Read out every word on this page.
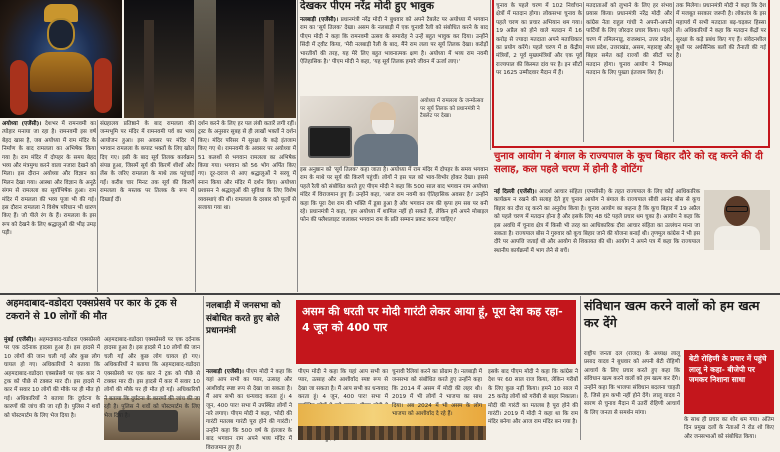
देखकर पीएम नरेंद्र मोदी हुए भावुक
नलबाड़ी (एजेंसी)। प्रधानमंत्री नरेंद्र मोदी ने बुधवार को अपने टैबलेट पर अयोध्या में भगवान राम का 'सूर्य तिलक' देखा। असम के नलबाड़ी में एक चुनावी रैली को संबोधित करने के बाद पीएम मोदी ने कहा कि रामनवमी उत्सव के समारोह ने उन्हें बहुत भावुक कर दिया। उन्होंने सिंदी में ट्वीट किया, 'मेरी नलबाड़ी रैली के बाद, मैंने राम लला पर सूर्य तिलक देखा। करोड़ों भारतीयों की तरह, यह मेरे लिए बहुत भावनात्मक क्षण है। अयोध्या में भव्य राम नवमी ऐतिहासिक है।' पीएम मोदी ने कहा, 'यह सूर्य तिलक हमारे जीवन में ऊर्जा लाए।'
अयोध्या में रामलला के जन्मोत्सव पर सूर्य तिलक को प्रधानमंत्री ने टैबलेट पर देखा।
इस अनुष्ठान को 'सूर्य तिलक' कहा जाता है। अयोध्या में राम मंदिर में दोपहर के समय भगवान राम के माथे पर सूर्य की किरणें पहुंचीं। लोगों ने इस पल को भाव-विभोर होकर देखा। इससे पहले रैली को संबोधित करते हुए पीएम मोदी ने कहा कि 500 साल बाद भगवान राम अयोध्या मंदिर में विराजमान हुए हैं। उन्होंने कहा, 'आज राम नवमी का ऐतिहासिक अवसर है।' उन्होंने कहा कि पूरा देश राम की भक्ति में डूबा हुआ है और भगवान राम की कृपा हम सब पर बनी रहे। प्रधानमंत्री ने कहा, 'हम अयोध्या में शामिल नहीं हो सकते हैं, लेकिन हमें अपने मोबाइल फोन की फ्लैशलाइट जलाकर भगवान राम के प्रति सम्मान प्रकट करना चाहिए।'
अयोध्या (एजेंसी)। देशभर में रामनवमी का त्योहार मनाया जा रहा है। रामनवमी इस वर्ष बेहद खास है, जब अयोध्या में राम मंदिर के निर्माण के बाद रामलला का अभिषेक किया गया है। राम मंदिर में दोपहर के समय बेहद भव्य और मंत्रमुग्ध करने वाला नजारा देखने को मिला। इस दौरान अयोध्या और विज्ञान का मिलन देखा गया। आस्था और विज्ञान के अनूठे संगम से रामलला का सूर्याभिषेक हुआ। राम मंदिर में रामलला की भव्य पूजा भी की गई। इस दौरान रामलला ने विशेष परिधान भी धारण किए हैं। जो पीले रंग के हैं। रामलला के इस रूप को देखने के लिए श्रद्धालुओं की भीड़ उमड़ पड़ी।
संग्रहालय प्रतिष्ठाने के बाद रामलला की जन्मभूमि पर मंदिर में रामनवमी पर्व का भव्य आयोजन हुआ। इस अवसर पर मंदिर में भगवान रामलला के कपाट भक्तों के लिए खोल दिए गए। इसी के बाद सूर्य तिलक कार्यक्रम संपन्न हुआ, जिसमें सूर्य की किरणें शीशों और लेंस के जरिए रामलला के माथे तक पहुंचाई गईं। करीब चार मिनट तक सूर्य की किरणें रामलला के मस्तक पर तिलक के रूप में दिखाई दीं।
दर्शन करने के लिए हर पल लंबी कतारें लगी रहीं। ट्रस्ट के अनुसार सुबह से ही लाखों भक्तों ने दर्शन किए। मंदिर परिसर में सुरक्षा के कड़े इंतजाम किए गए थे। रामनवमी के अवसर पर अयोध्या में 51 कलशों से भगवान रामलला का अभिषेक किया गया। भगवान को 56 भोग अर्पित किए गए। दूर-दराज से आए श्रद्धालुओं ने सरयू में स्नान किया और मंदिर में दर्शन किए। अयोध्या प्रशासन ने श्रद्धालुओं की सुविधा के लिए विशेष व्यवस्थाएं की थीं। रामलला के दरबार को फूलों से सजाया गया था।
चुनाव के पहले चरण में 102 निर्वाचन क्षेत्रों में मतदान होगा। लोकसभा चुनाव के पहले चरण का प्रचार अभियान थम गया। 19 अप्रैल को होने वाले मतदान में 16 करोड़ से ज्यादा मतदाता अपने मताधिकार का प्रयोग करेंगे। पहले चरण में 8 केंद्रीय मंत्रियों, 2 पूर्व मुख्यमंत्रियों और एक पूर्व राज्यपाल की किस्मत दांव पर है। इन सीटों पर 1625 उम्मीदवार मैदान में हैं।
मतदाताओं को लुभाने के लिए हर संभव प्रयास किया। प्रधानमंत्री नरेंद्र मोदी और कांग्रेस नेता राहुल गांधी ने अपनी-अपनी पार्टियों के लिए जोरदार प्रचार किया। पहले चरण में तमिलनाडु, राजस्थान, उत्तर प्रदेश, मध्य प्रदेश, उत्तराखंड, असम, महाराष्ट्र और बिहार समेत कई राज्यों की सीटों पर मतदान होगा। चुनाव आयोग ने निष्पक्ष मतदान के लिए पुख्ता इंतजाम किए हैं।
तक मिलेगा। प्रधानमंत्री मोदी ने कहा कि देश में मजबूत सरकार जरूरी है। लोकतंत्र के इस महापर्व में सभी मतदाता बढ़-चढ़कर हिस्सा लें। अधिकारियों ने कहा कि मतदान केंद्रों पर सुरक्षा के कड़े प्रबंध किए गए हैं। संवेदनशील बूथों पर अर्धसैनिक बलों की तैनाती की गई है।
चुनाव आयोग ने बंगाल के राज्यपाल के कूच बिहार दौरे को रद्द करने की दी सलाह, कल पहले चरण में होनी है वोटिंग
नई दिल्ली (एजेंसी)। आदर्श आचार संहिता (एमसीसी) के तहत राज्यपाल के लिए कोई आधिकारिक कार्यक्रम न रखने की सलाह देते हुए चुनाव आयोग ने बंगाल के राज्यपाल सीवी आनंद बोस से कूच बिहार का दौरा रद्द करने का अनुरोध किया है। चुनाव आयोग का कहना है कि कूच बिहार में 19 अप्रैल को पहले चरण में मतदान होना है और इसके लिए 48 घंटे पहले प्रचार थम चुका है। आयोग ने कहा कि इस अवधि में चुनाव क्षेत्र में किसी भी तरह का आधिकारिक दौरा आचार संहिता का उल्लंघन माना जा सकता है। राज्यपाल बोस ने गुरुवार को कूच बिहार जाने की योजना बनाई थी। तृणमूल कांग्रेस ने भी इस दौरे पर आपत्ति जताई थी और आयोग से शिकायत की थी। आयोग ने अपने पत्र में कहा कि राज्यपाल स्थानीय कार्यक्रमों में भाग लेने से बचें।
अहमदाबाद-वडोदरा एक्सप्रेसवे पर कार के ट्रक से टकराने से 10 लोगों की मौत
मुंबई (एजेंसी)। अहमदाबाद-वडोदरा एक्सप्रेसवे पर एक दर्दनाक हादसा हुआ है। इस हादसे में 10 लोगों की जान चली गई और कुछ लोग घायल हो गए। अधिकारियों ने बताया कि अहमदाबाद-वडोदरा एक्सप्रेसवे पर एक कार ने ट्रक को पीछे से टक्कर मार दी। इस हादसे में कार में सवार 10 लोगों की मौके पर ही मौत हो गई। अधिकारियों ने बताया कि दुर्घटना के कारणों की जांच की जा रही है। पुलिस ने शवों को पोस्टमार्टम के लिए भेज दिया है।
अहमदाबाद-वडोदरा एक्सप्रेसवे पर एक दर्दनाक हादसा हुआ है। इस हादसे में 10 लोगों की जान चली गई और कुछ लोग घायल हो गए। अधिकारियों ने बताया कि अहमदाबाद-वडोदरा एक्सप्रेसवे पर एक कार ने ट्रक को पीछे से टक्कर मार दी। इस हादसे में कार में सवार 10 लोगों की मौके पर ही मौत हो गई। अधिकारियों ने बताया कि दुर्घटना के कारणों की जांच की जा रही है। पुलिस ने शवों को पोस्टमार्टम के लिए भेज दिया है।
नलबाड़ी में जनसभा को संबोधित करते हुए बोले प्रधानमंत्री
नलबाड़ी (एजेंसी)। पीएम मोदी ने कहा कि यहां आप सभी का प्यार, उत्साह और आशीर्वाद स्पष्ट रूप से देखा जा सकता है। मैं आप सभी का धन्यवाद करता हूं। 4 जून, 400 पार! सभा में उपस्थित लोगों ने नारे लगाए। पीएम मोदी ने कहा, 'मोदी की गारंटी मतलब गारंटी पूरा होने की गारंटी।' उन्होंने कहा कि 500 वर्ष के इंतजार के बाद भगवान राम अपने भव्य मंदिर में विराजमान हुए हैं।
असम की धरती पर मोदी गारंटी लेकर आया हूं, पूरा देश कह रहा- 4 जून को 400 पार
पीएम मोदी ने कहा कि यहां आप सभी का प्यार, उत्साह और आशीर्वाद स्पष्ट रूप से देखा जा सकता है। मैं आप सभी का धन्यवाद करता हूं। 4 जून, 400 पार! सभा में
चुनावी रैलियां करने का प्रोग्राम है। नलबाड़ी में जनसभा को संबोधित करते हुए उन्होंने कहा कि 2014 में असम में मोदी की लहर थी। 2019 में भी लोगों ने भाजपा का साथ दिया। अब 2024 में भी असम के लोग भाजपा को आशीर्वाद दे रहे हैं।
इसके बाद पीएम मोदी ने कहा कि कांग्रेस ने देश पर 60 साल राज किया, लेकिन गरीबों के लिए कुछ नहीं किया। हमने 10 साल में 25 करोड़ लोगों को गरीबी से बाहर निकाला। मोदी की गारंटी का मतलब है पूरा होने की गारंटी। 2019 में मोदी ने कहा था कि राम मंदिर बनेगा और आज राम मंदिर बन गया है।
संविधान खत्म करने वालों को हम खत्म कर देंगे
राष्ट्रीय जनता दल (राजद) के अध्यक्ष लालू प्रसाद यादव ने बुधवार को अपनी बेटी रोहिणी आचार्य के लिए प्रचार करते हुए कहा कि संविधान खत्म करने वालों को हम खत्म कर देंगे। उन्होंने कहा कि भाजपा संविधान बदलना चाहती है, जिसे हम कभी नहीं होने देंगे। लालू यादव ने सारण से चुनाव मैदान में उतरीं रोहिणी आचार्य के लिए जनता से समर्थन मांगा।
बेटी रोहिणी के प्रचार में पहुंचे लालू ने कहा- बीजेपी पर जमकर निशाना साधा
के साथ ही प्रचार का शोर थम गया। अंतिम दिन प्रमुख दलों के नेताओं ने रोड शो किए और जनसभाओं को संबोधित किया।
